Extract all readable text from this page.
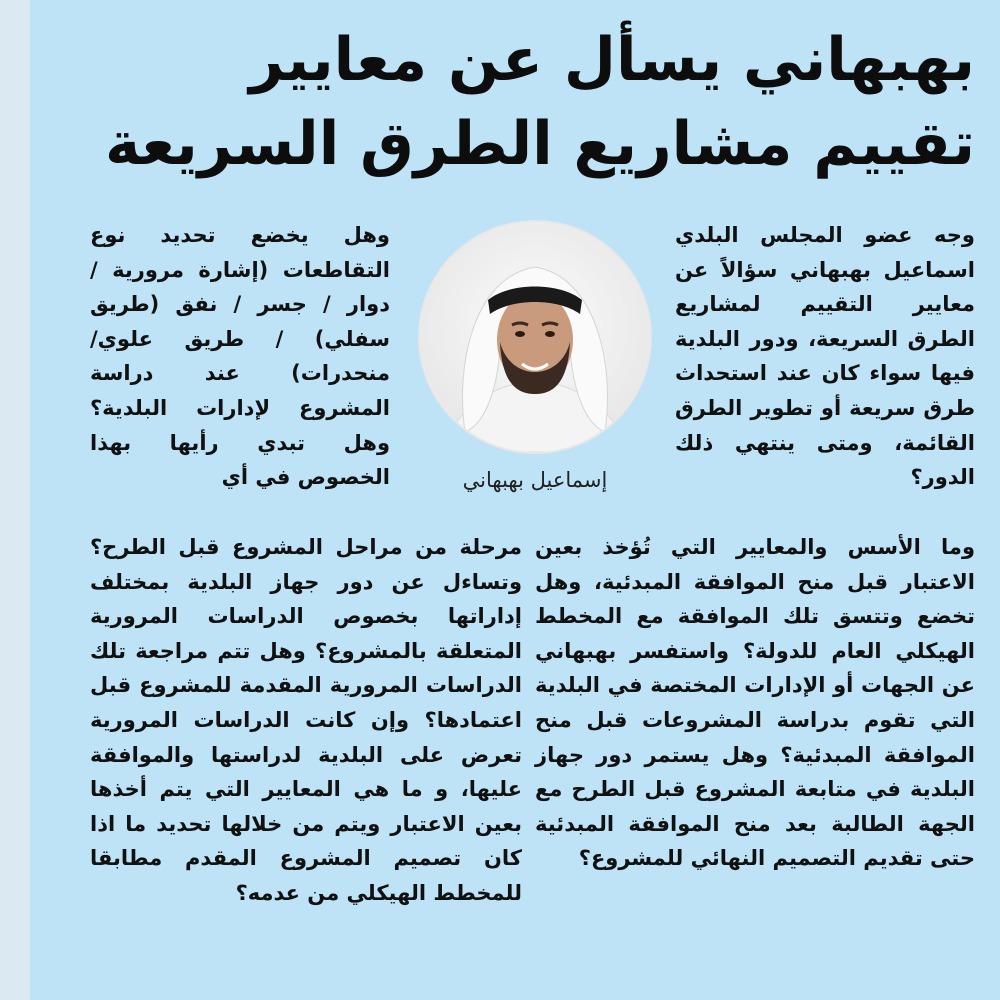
بهبهاني يسأل عن معايير
تقييم مشاريع الطرق السريعة
وجه عضو المجلس البلدي اسماعيل بهبهاني سؤالاً عن معايير التقييم لمشاريع الطرق السريعة، ودور البلدية فيها سواء كان عند استحداث طرق سريعة أو تطوير الطرق القائمة، ومتى ينتهي ذلك الدور؟
إسماعيل بهبهاني
وهل يخضع تحديد نوع التقاطعات (إشارة مرورية / دوار / جسر / نفق (طريق سفلي) / طريق علوي/ منحدرات) عند دراسة المشروع لإدارات البلدية؟ وهل تبدي رأيها بهذا الخصوص في أي
وما الأسس والمعايير التي تُؤخذ بعين الاعتبار قبل منح الموافقة المبدئية، وهل تخضع وتتسق تلك الموافقة مع المخطط الهيكلي العام للدولة؟ واستفسر بهبهاني عن الجهات أو الإدارات المختصة في البلدية التي تقوم بدراسة المشروعات قبل منح الموافقة المبدئية؟ وهل يستمر دور جهاز البلدية في متابعة المشروع قبل الطرح مع الجهة الطالبة بعد منح الموافقة المبدئية حتى تقديم التصميم النهائي للمشروع؟
مرحلة من مراحل المشروع قبل الطرح؟ وتساءل عن دور جهاز البلدية بمختلف إداراتها بخصوص الدراسات المرورية المتعلقة بالمشروع؟ وهل تتم مراجعة تلك الدراسات المرورية المقدمة للمشروع قبل اعتمادها؟ وإن كانت الدراسات المرورية تعرض على البلدية لدراستها والموافقة عليها، و ما هي المعايير التي يتم أخذها بعين الاعتبار ويتم من خلالها تحديد ما اذا كان تصميم المشروع المقدم مطابقا للمخطط الهيكلي من عدمه؟
